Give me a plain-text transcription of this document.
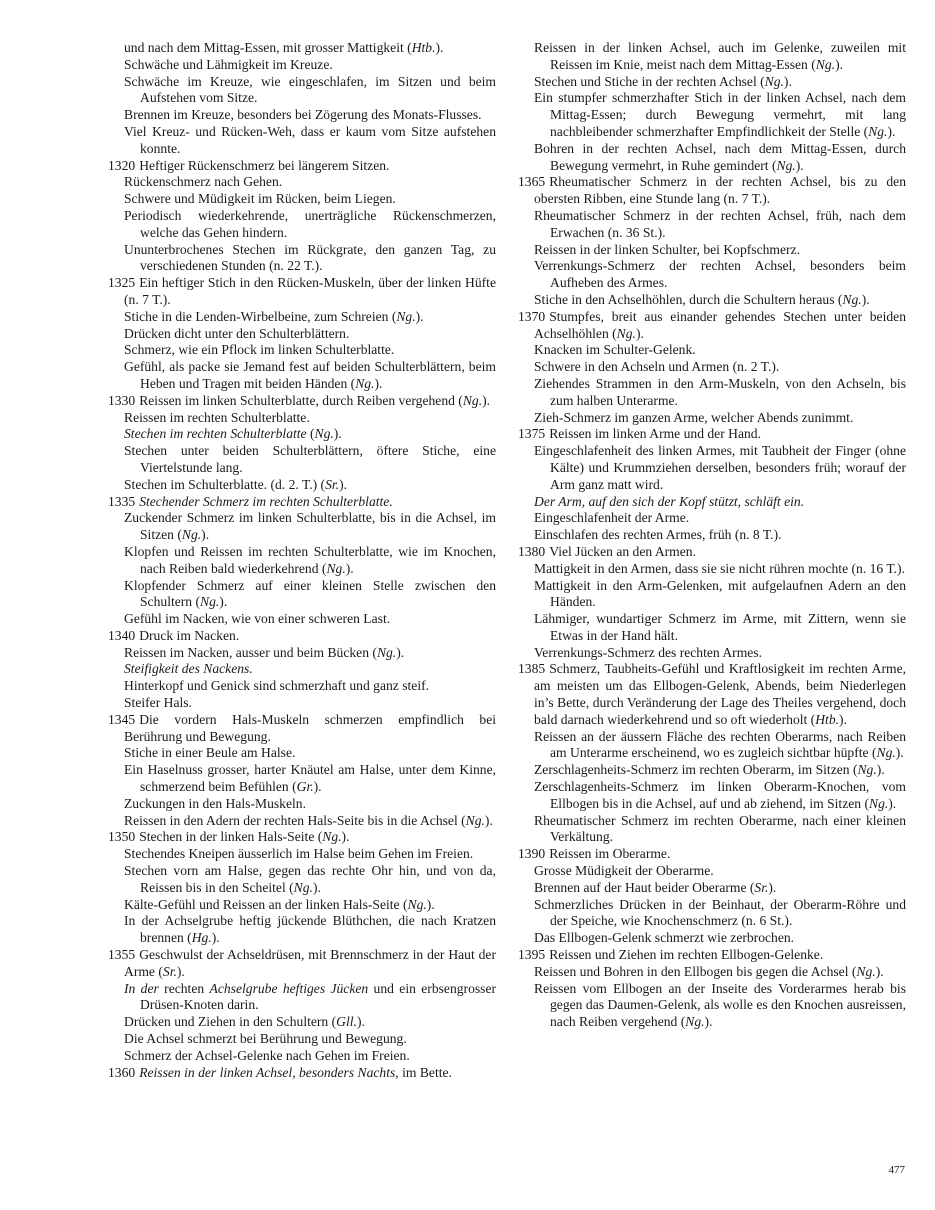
und nach dem Mittag-Essen, mit grosser Mattigkeit (Htb.).
Schwäche und Lähmigkeit im Kreuze.
Schwäche im Kreuze, wie eingeschlafen, im Sitzen und beim Aufstehen vom Sitze.
Brennen im Kreuze, besonders bei Zögerung des Monats-Flusses.
Viel Kreuz- und Rücken-Weh, dass er kaum vom Sitze aufstehen konnte.
1320 Heftiger Rückenschmerz bei längerem Sitzen.
Rückenschmerz nach Gehen.
Schwere und Müdigkeit im Rücken, beim Liegen.
Periodisch wiederkehrende, unerträgliche Rückenschmerzen, welche das Gehen hindern.
Ununterbrochenes Stechen im Rückgrate, den ganzen Tag, zu verschiedenen Stunden (n. 22 T.).
1325 Ein heftiger Stich in den Rücken-Muskeln, über der linken Hüfte (n. 7 T.).
Stiche in die Lenden-Wirbelbeine, zum Schreien (Ng.).
Drücken dicht unter den Schulterblättern.
Schmerz, wie ein Pflock im linken Schulterblatte.
Gefühl, als packe sie Jemand fest auf beiden Schulterblättern, beim Heben und Tragen mit beiden Händen (Ng.).
1330 Reissen im linken Schulterblatte, durch Reiben vergehend (Ng.).
Reissen im rechten Schulterblatte.
Stechen im rechten Schulterblatte (Ng.).
Stechen unter beiden Schulterblättern, öftere Stiche, eine Viertelstunde lang.
Stechen im Schulterblatte. (d. 2. T.) (Sr.).
1335 Stechender Schmerz im rechten Schulterblatte.
Zuckender Schmerz im linken Schulterblatte, bis in die Achsel, im Sitzen (Ng.).
Klopfen und Reissen im rechten Schulterblatte, wie im Knochen, nach Reiben bald wiederkehrend (Ng.).
Klopfender Schmerz auf einer kleinen Stelle zwischen den Schultern (Ng.).
Gefühl im Nacken, wie von einer schweren Last.
1340 Druck im Nacken.
Reissen im Nacken, ausser und beim Bücken (Ng.).
Steifigkeit des Nackens.
Hinterkopf und Genick sind schmerzhaft und ganz steif.
Steifer Hals.
1345 Die vordern Hals-Muskeln schmerzen empfindlich bei Berührung und Bewegung.
Stiche in einer Beule am Halse.
Ein Haselnuss grosser, harter Knäutel am Halse, unter dem Kinne, schmerzend beim Befühlen (Gr.).
Zuckungen in den Hals-Muskeln.
Reissen in den Adern der rechten Hals-Seite bis in die Achsel (Ng.).
1350 Stechen in der linken Hals-Seite (Ng.).
Stechendes Kneipen äusserlich im Halse beim Gehen im Freien.
Stechen vorn am Halse, gegen das rechte Ohr hin, und von da, Reissen bis in den Scheitel (Ng.).
Kälte-Gefühl und Reissen an der linken Hals-Seite (Ng.).
In der Achselgrube heftig jückende Blüthchen, die nach Kratzen brennen (Hg.).
1355 Geschwulst der Achseldrüsen, mit Brennschmerz in der Haut der Arme (Sr.).
In der rechten Achselgrube heftiges Jücken und ein erbsengrosser Drüsen-Knoten darin.
Drücken und Ziehen in den Schultern (Gll.).
Die Achsel schmerzt bei Berührung und Bewegung.
Schmerz der Achsel-Gelenke nach Gehen im Freien.
1360 Reissen in der linken Achsel, besonders Nachts, im Bette.
Reissen in der linken Achsel, auch im Gelenke, zuweilen mit Reissen im Knie, meist nach dem Mittag-Essen (Ng.).
Stechen und Stiche in der rechten Achsel (Ng.).
Ein stumpfer schmerzhafter Stich in der linken Achsel, nach dem Mittag-Essen; durch Bewegung vermehrt, mit lang nachbleibender schmerzhafter Empfindlichkeit der Stelle (Ng.).
Bohren in der rechten Achsel, nach dem Mittag-Essen, durch Bewegung vermehrt, in Ruhe gemindert (Ng.).
1365 Rheumatischer Schmerz in der rechten Achsel, bis zu den obersten Ribben, eine Stunde lang (n. 7 T.).
Rheumatischer Schmerz in der rechten Achsel, früh, nach dem Erwachen (n. 36 St.).
Reissen in der linken Schulter, bei Kopfschmerz.
Verrenkungs-Schmerz der rechten Achsel, besonders beim Aufheben des Armes.
Stiche in den Achselhöhlen, durch die Schultern heraus (Ng.).
1370 Stumpfes, breit aus einander gehendes Stechen unter beiden Achselhöhlen (Ng.).
Knacken im Schulter-Gelenk.
Schwere in den Achseln und Armen (n. 2 T.).
Ziehendes Strammen in den Arm-Muskeln, von den Achseln, bis zum halben Unterarme.
Zieh-Schmerz im ganzen Arme, welcher Abends zunimmt.
1375 Reissen im linken Arme und der Hand.
Eingeschlafenheit des linken Armes, mit Taubheit der Finger (ohne Kälte) und Krummziehen derselben, besonders früh; worauf der Arm ganz matt wird.
Der Arm, auf den sich der Kopf stützt, schläft ein.
Eingeschlafenheit der Arme.
Einschlafen des rechten Armes, früh (n. 8 T.).
1380 Viel Jücken an den Armen.
Mattigkeit in den Armen, dass sie sie nicht rühren mochte (n. 16 T.).
Mattigkeit in den Arm-Gelenken, mit aufgelaufnen Adern an den Händen.
Lähmiger, wundartiger Schmerz im Arme, mit Zittern, wenn sie Etwas in der Hand hält.
Verrenkungs-Schmerz des rechten Armes.
1385 Schmerz, Taubheits-Gefühl und Kraftlosigkeit im rechten Arme, am meisten um das Ellbogen-Gelenk, Abends, beim Niederlegen in’s Bette, durch Veränderung der Lage des Theiles vergehend, doch bald darnach wiederkehrend und so oft wiederholt (Htb.).
Reissen an der äussern Fläche des rechten Oberarms, nach Reiben am Unterarme erscheinend, wo es zugleich sichtbar hüpfte (Ng.).
Zerschlagenheits-Schmerz im rechten Oberarm, im Sitzen (Ng.).
Zerschlagenheits-Schmerz im linken Oberarm-Knochen, vom Ellbogen bis in die Achsel, auf und ab ziehend, im Sitzen (Ng.).
Rheumatischer Schmerz im rechten Oberarme, nach einer kleinen Verkältung.
1390 Reissen im Oberarme.
Grosse Müdigkeit der Oberarme.
Brennen auf der Haut beider Oberarme (Sr.).
Schmerzliches Drücken in der Beinhaut, der Oberarm-Röhre und der Speiche, wie Knochenschmerz (n. 6 St.).
Das Ellbogen-Gelenk schmerzt wie zerbrochen.
1395 Reissen und Ziehen im rechten Ellbogen-Gelenke.
Reissen und Bohren in den Ellbogen bis gegen die Achsel (Ng.).
Reissen vom Ellbogen an der Inseite des Vorderarmes herab bis gegen das Daumen-Gelenk, als wolle es den Knochen ausreissen, nach Reiben vergehend (Ng.).
477
